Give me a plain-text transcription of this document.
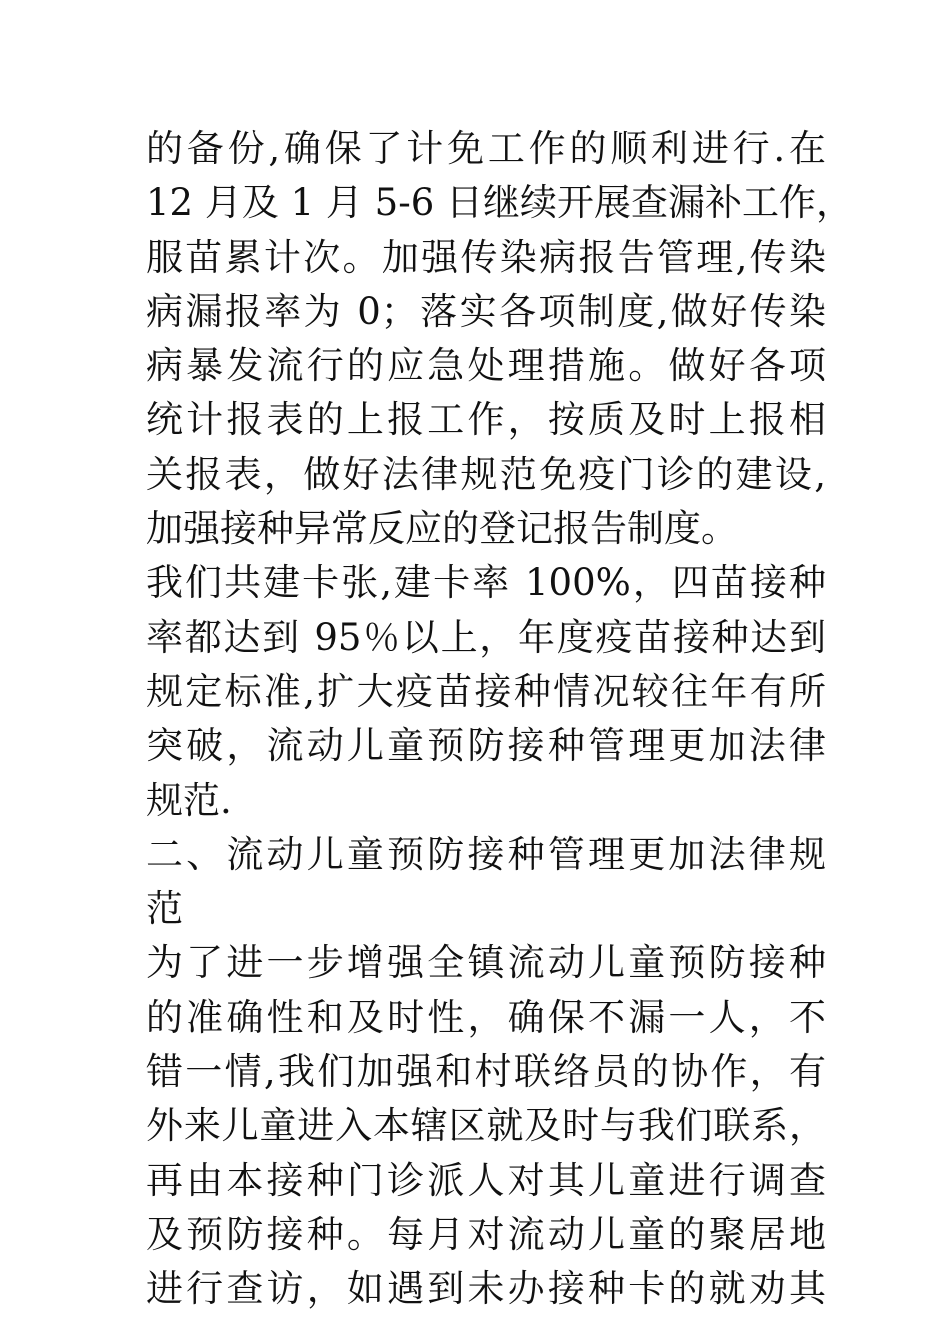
的备份,确保了计免工作的顺利进行.在
12 月及 1 月 5-6 日继续开展查漏补工作，
服苗累计次。加强传染病报告管理,传染
病漏报率为 0；落实各项制度,做好传染
病暴发流行的应急处理措施。做好各项
统计报表的上报工作，按质及时上报相
关报表，做好法律规范免疫门诊的建设,
加强接种异常反应的登记报告制度。
我们共建卡张,建卡率 100%，四苗接种
率都达到 95％以上，年度疫苗接种达到
规定标准,扩大疫苗接种情况较往年有所
突破，流动儿童预防接种管理更加法律
规范.
二、流动儿童预防接种管理更加法律规
范
为了进一步增强全镇流动儿童预防接种
的准确性和及时性，确保不漏一人，不
错一情,我们加强和村联络员的协作，有
外来儿童进入本辖区就及时与我们联系，
再由本接种门诊派人对其儿童进行调查
及预防接种。每月对流动儿童的聚居地
进行查访，如遇到未办接种卡的就劝其
